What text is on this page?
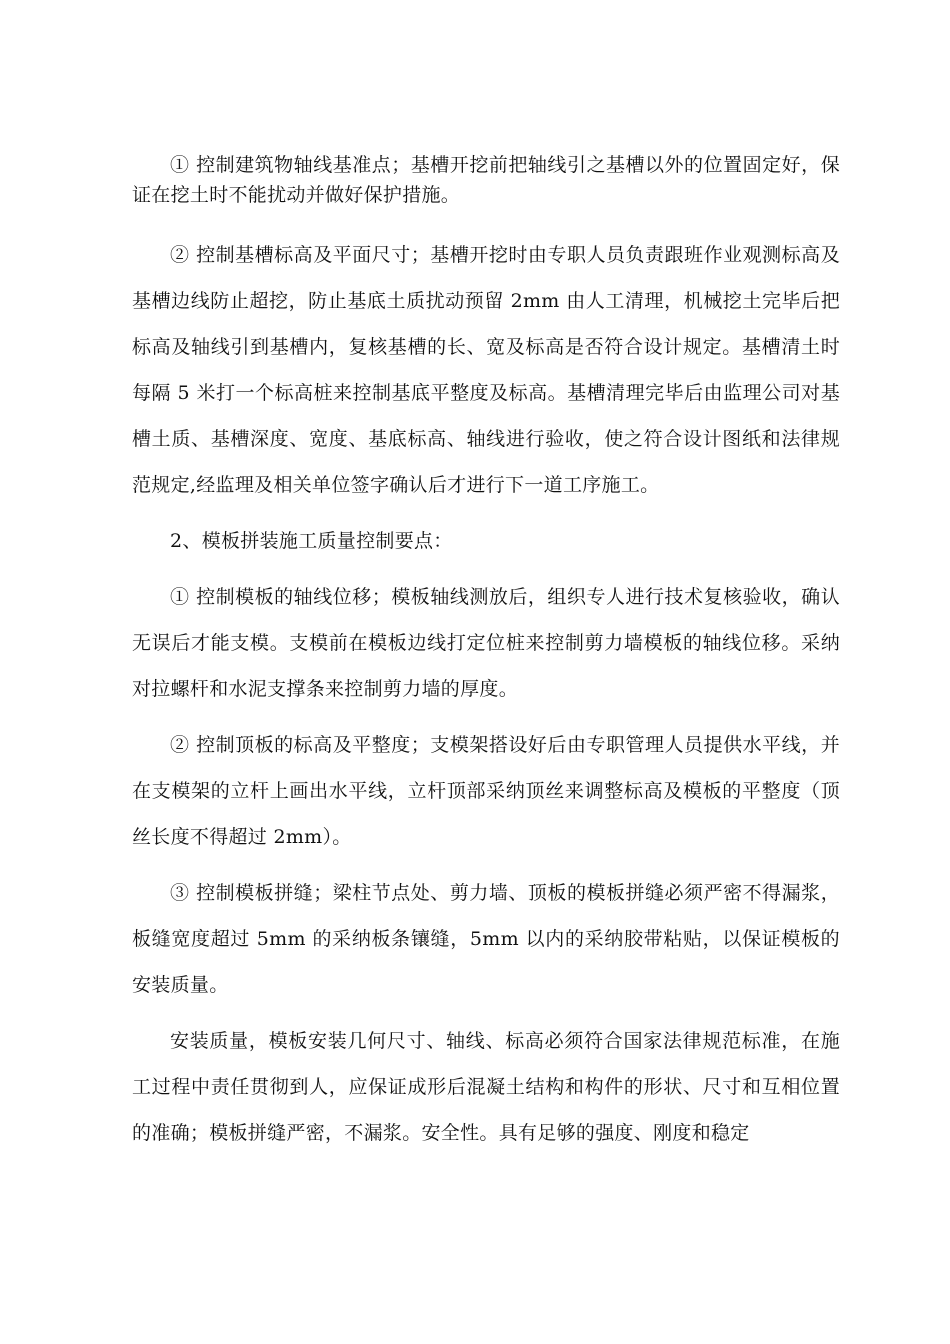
① 控制建筑物轴线基准点；基槽开挖前把轴线引之基槽以外的位置固定好，保证在挖土时不能扰动并做好保护措施。

② 控制基槽标高及平面尺寸；基槽开挖时由专职人员负责跟班作业观测标高及基槽边线防止超挖，防止基底土质扰动预留 2mm 由人工清理，机械挖土完毕后把标高及轴线引到基槽内，复核基槽的长、宽及标高是否符合设计规定。基槽清土时每隔 5 米打一个标高桩来控制基底平整度及标高。基槽清理完毕后由监理公司对基槽土质、基槽深度、宽度、基底标高、轴线进行验收，使之符合设计图纸和法律规范规定,经监理及相关单位签字确认后才进行下一道工序施工。

2、模板拼装施工质量控制要点：

① 控制模板的轴线位移；模板轴线测放后，组织专人进行技术复核验收，确认无误后才能支模。支模前在模板边线打定位桩来控制剪力墙模板的轴线位移。采纳对拉螺杆和水泥支撑条来控制剪力墙的厚度。

② 控制顶板的标高及平整度；支模架搭设好后由专职管理人员提供水平线，并在支模架的立杆上画出水平线，立杆顶部采纳顶丝来调整标高及模板的平整度（顶丝长度不得超过 2mm）。

③ 控制模板拼缝；梁柱节点处、剪力墙、顶板的模板拼缝必须严密不得漏浆，板缝宽度超过 5mm 的采纳板条镶缝，5mm 以内的采纳胶带粘贴，以保证模板的安装质量。

安装质量，模板安装几何尺寸、轴线、标高必须符合国家法律规范标准，在施工过程中责任贯彻到人，应保证成形后混凝土结构和构件的形状、尺寸和互相位置的准确；模板拼缝严密，不漏浆。安全性。具有足够的强度、刚度和稳定
